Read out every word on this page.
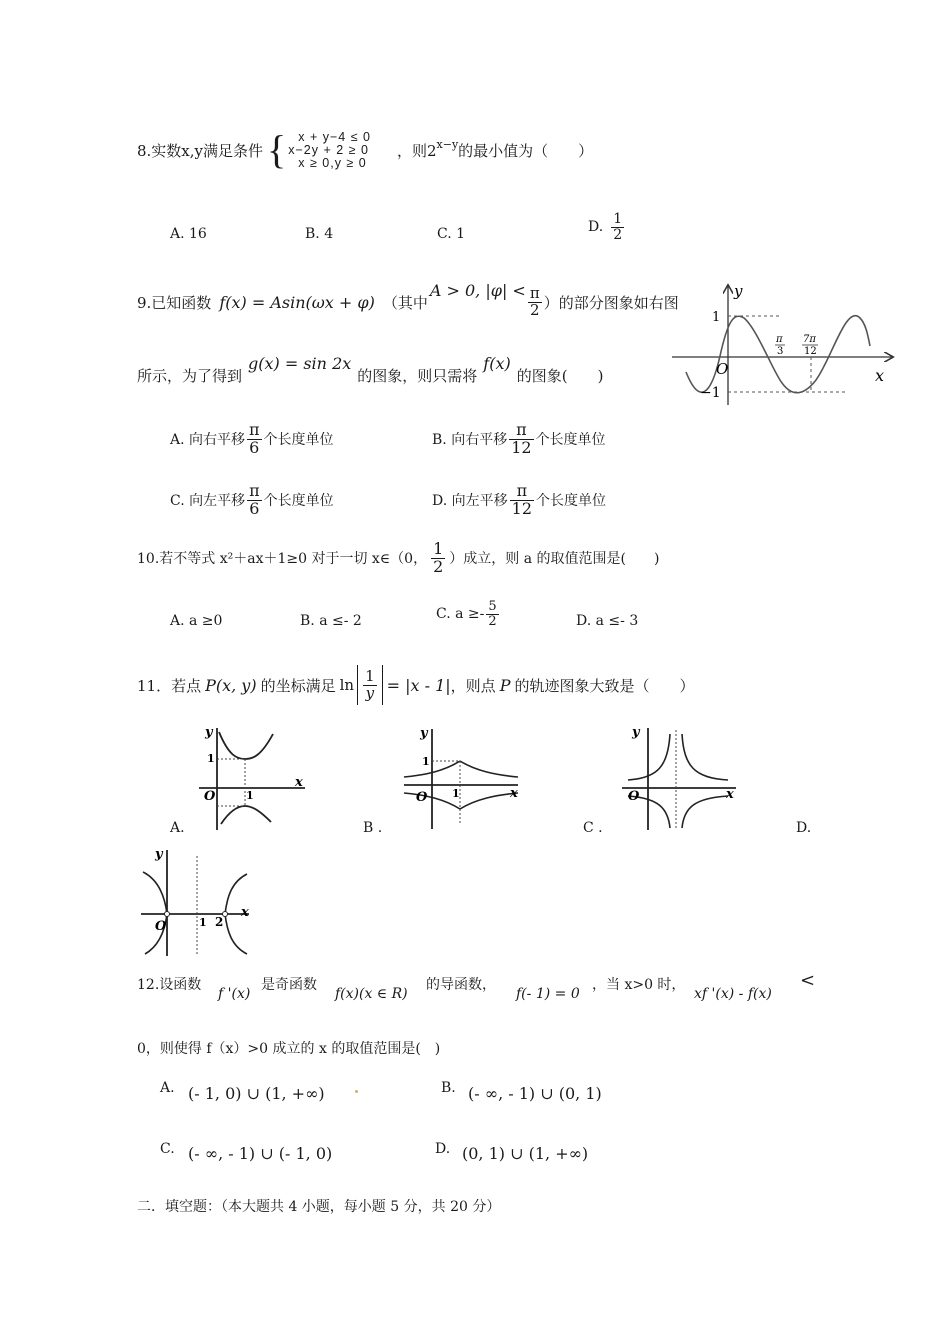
8.实数x,y满足条件 { x + y−4 ≤ 0
x−2y + 2 ≥ 0
x ≥ 0,y ≥ 0
，则$2^{x-y}$ 的最小值为（　　）
A. 16	B. 4	C. 1	D. $\frac{1}{2}$
9.已知函数 f(x) = Asin(ωx + φ) （其中
A > 0, $|\varphi| < \frac{\pi}{2}$ ）的部分图象如右图
所示，为了得到
g(x) = sin 2x
的图象，则只需将
f(x)
的图象(　　)
y
x
O
1
−1
π
3
7π
12
A. 向右平移 $\frac{\pi}{6}$ 个长度单位	B. 向右平移 $\frac{\pi}{12}$ 个长度单位
C. 向左平移 $\frac{\pi}{6}$ 个长度单位	D. 向左平移 $\frac{\pi}{12}$ 个长度单位
10.若不等式 x²＋ax＋1≥0 对于一切 x∈（0， $\frac{1}{2}$ ）成立，则 a 的取值范围是(　　)
A. a ≥0	B. a ≤- 2	C. $a \ge- \frac{5}{2}$	D. a ≤- 3
11．若点 P(x, y) 的坐标满足 $\ln \frac{1}{y} = |x - 1|$ ，则点 P 的轨迹图象大致是（　　）
y
x
O
1
1
A.
y
x
O
1
1
B .
y
x
O
C .	D.
y
x
O	1 2
12.设函数
f '(x)
是奇函数
f(x)(x ∈ R)
的导函数，
f(- 1) = 0
，当 x>0 时，
xf '(x) - f(x)
<
0，则使得 f（x）>0 成立的 x 的取值范围是(　)
A. (- 1, 0) ∪ (1, +∞)	B. (- ∞, - 1) ∪ (0, 1)
C. (- ∞, - 1) ∪ (- 1, 0)	D. (0, 1) ∪ (1, +∞)
二．填空题：（本大题共 4 小题，每小题 5 分，共 20 分）
